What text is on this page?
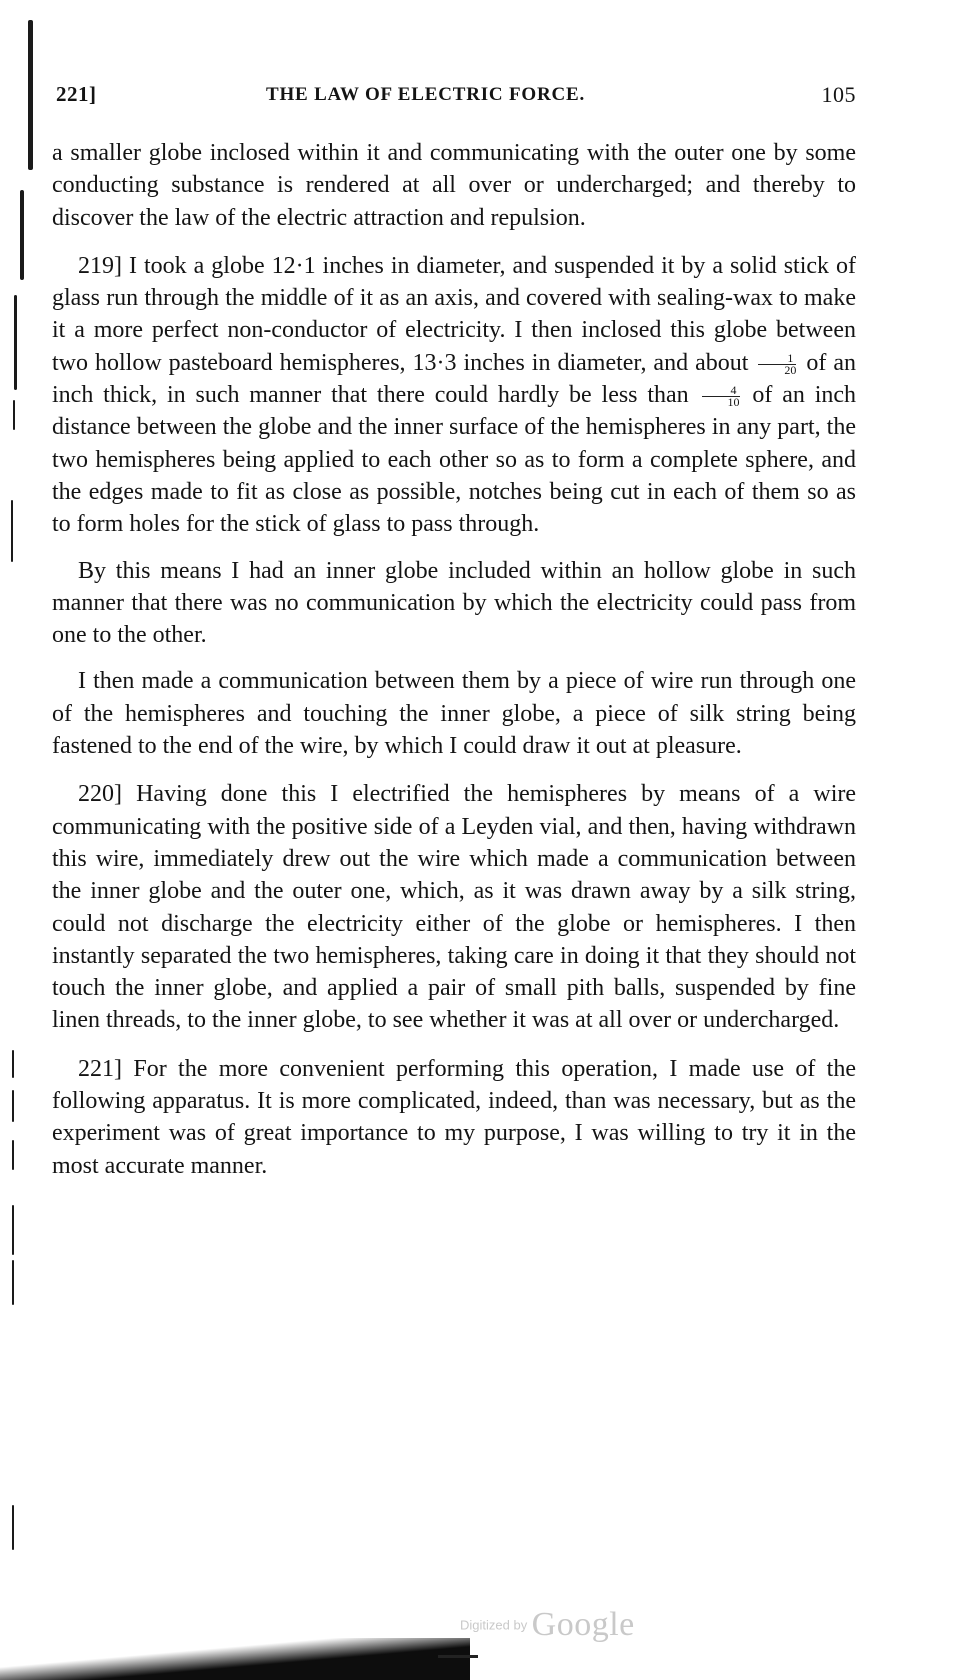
221]	THE LAW OF ELECTRIC FORCE.	105

a smaller globe inclosed within it and communicating with the outer one by some conducting substance is rendered at all over or undercharged; and thereby to discover the law of the electric attraction and repulsion.

219] I took a globe 12·1 inches in diameter, and suspended it by a solid stick of glass run through the middle of it as an axis, and covered with sealing-wax to make it a more perfect non-conductor of electricity. I then inclosed this globe between two hollow pasteboard hemispheres, 13·3 inches in diameter, and about $\frac{1}{20}$ of an inch thick, in such manner that there could hardly be less than $\frac{4}{10}$ of an inch distance between the globe and the inner surface of the hemispheres in any part, the two hemispheres being applied to each other so as to form a complete sphere, and the edges made to fit as close as possible, notches being cut in each of them so as to form holes for the stick of glass to pass through.

By this means I had an inner globe included within an hollow globe in such manner that there was no communication by which the electricity could pass from one to the other.

I then made a communication between them by a piece of wire run through one of the hemispheres and touching the inner globe, a piece of silk string being fastened to the end of the wire, by which I could draw it out at pleasure.

220] Having done this I electrified the hemispheres by means of a wire communicating with the positive side of a Leyden vial, and then, having withdrawn this wire, immediately drew out the wire which made a communication between the inner globe and the outer one, which, as it was drawn away by a silk string, could not discharge the electricity either of the globe or hemispheres. I then instantly separated the two hemispheres, taking care in doing it that they should not touch the inner globe, and applied a pair of small pith balls, suspended by fine linen threads, to the inner globe, to see whether it was at all over or undercharged.

221] For the more convenient performing this operation, I made use of the following apparatus. It is more complicated, indeed, than was necessary, but as the experiment was of great importance to my purpose, I was willing to try it in the most accurate manner.

Digitized by Google
